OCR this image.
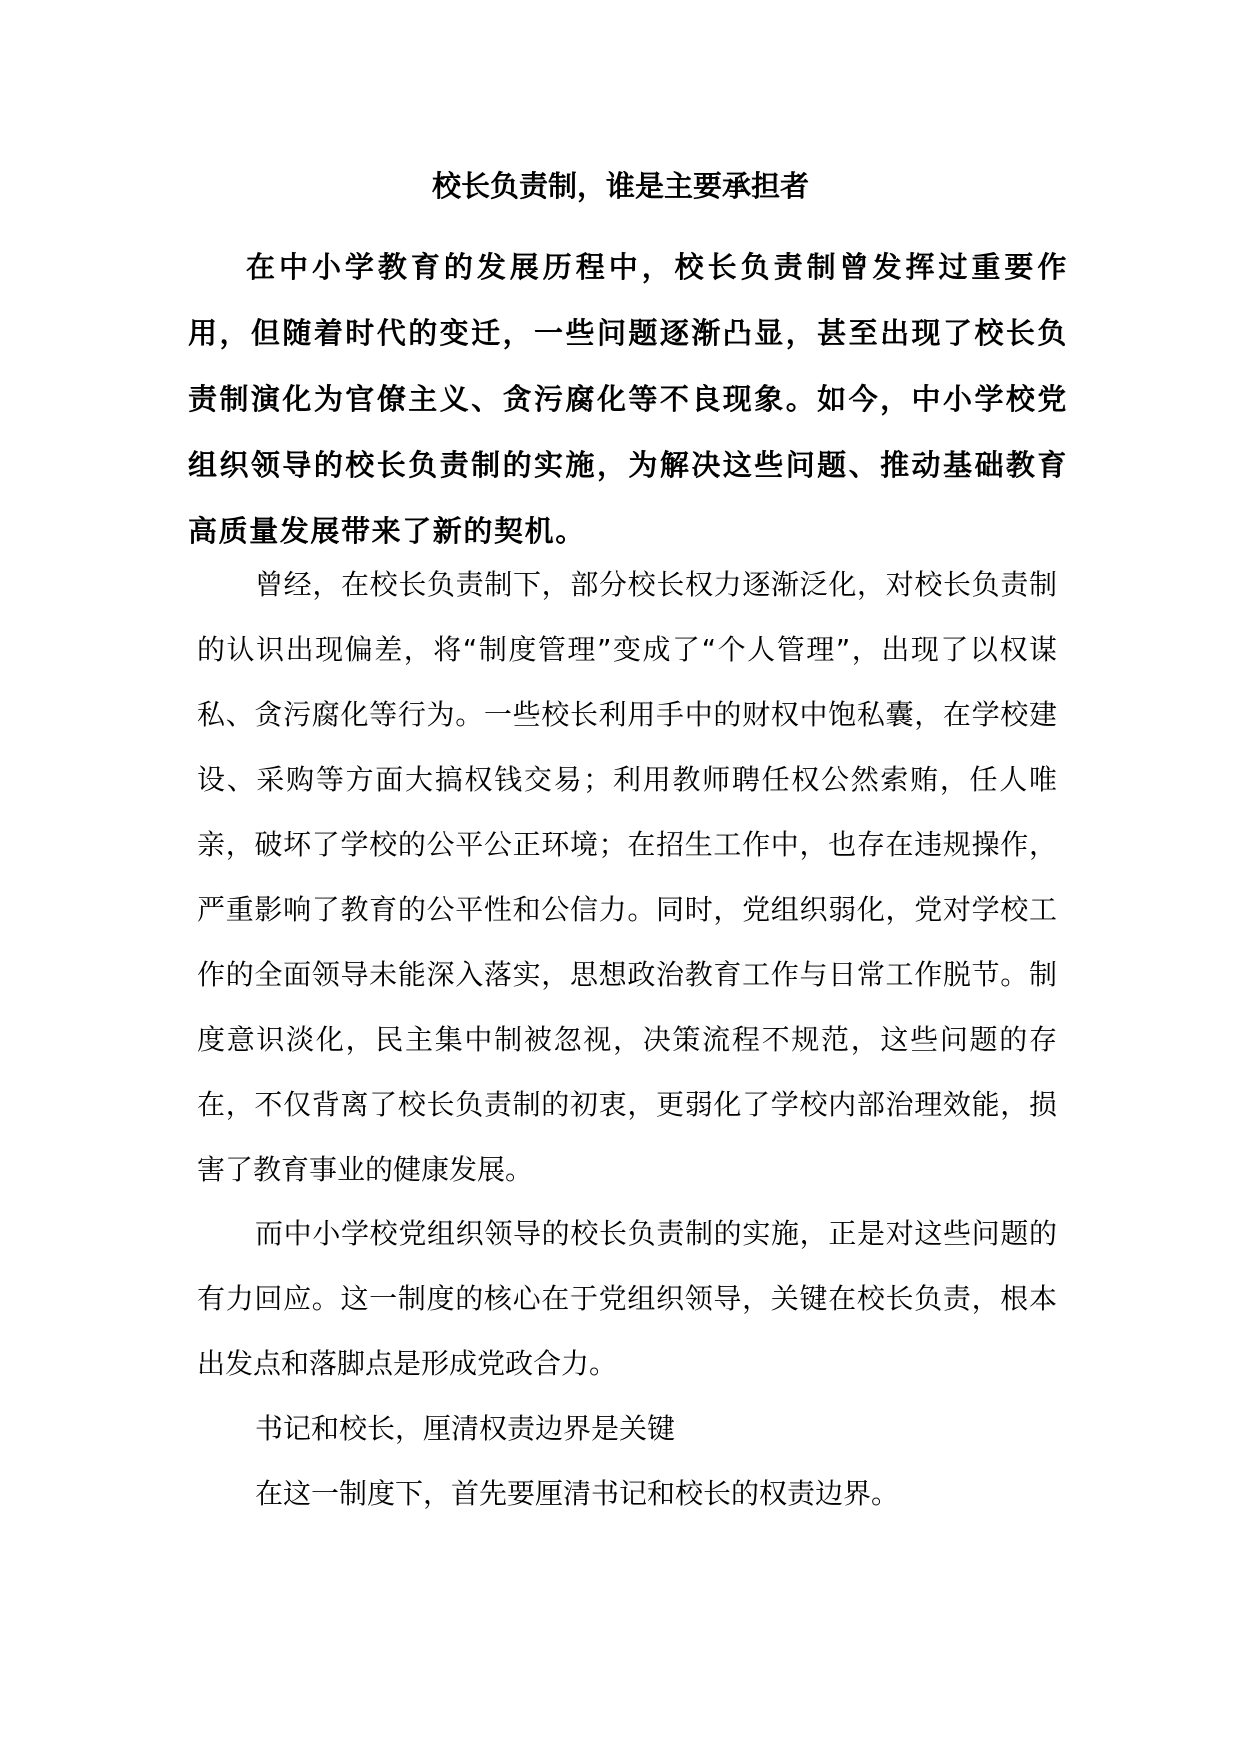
校长负责制，谁是主要承担者

在中小学教育的发展历程中，校长负责制曾发挥过重要作用，但随着时代的变迁，一些问题逐渐凸显，甚至出现了校长负责制演化为官僚主义、贪污腐化等不良现象。如今，中小学校党组织领导的校长负责制的实施，为解决这些问题、推动基础教育高质量发展带来了新的契机。

曾经，在校长负责制下，部分校长权力逐渐泛化，对校长负责制的认识出现偏差，将“制度管理”变成了“个人管理”，出现了以权谋私、贪污腐化等行为。一些校长利用手中的财权中饱私囊，在学校建设、采购等方面大搞权钱交易；利用教师聘任权公然索贿，任人唯亲，破坏了学校的公平公正环境；在招生工作中，也存在违规操作，严重影响了教育的公平性和公信力。同时，党组织弱化，党对学校工作的全面领导未能深入落实，思想政治教育工作与日常工作脱节。制度意识淡化，民主集中制被忽视，决策流程不规范，这些问题的存在，不仅背离了校长负责制的初衷，更弱化了学校内部治理效能，损害了教育事业的健康发展。

而中小学校党组织领导的校长负责制的实施，正是对这些问题的有力回应。这一制度的核心在于党组织领导，关键在校长负责，根本出发点和落脚点是形成党政合力。

书记和校长，厘清权责边界是关键

在这一制度下，首先要厘清书记和校长的权责边界。
